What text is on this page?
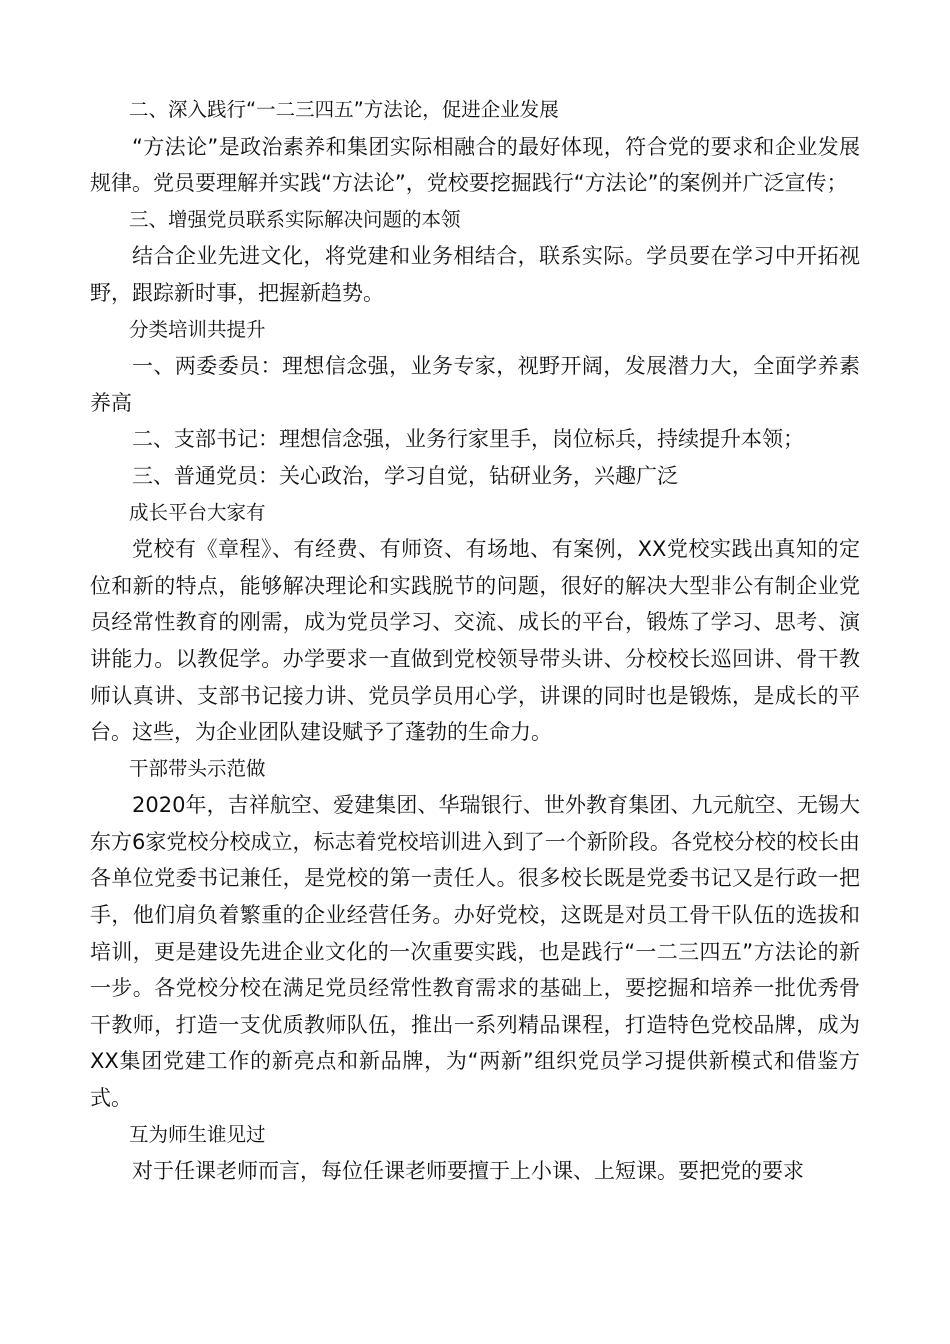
二、深入践行“一二三四五”方法论，促进企业发展

“方法论”是政治素养和集团实际相融合的最好体现，符合党的要求和企业发展规律。党员要理解并实践“方法论”，党校要挖掘践行“方法论”的案例并广泛宣传；

三、增强党员联系实际解决问题的本领

结合企业先进文化，将党建和业务相结合，联系实际。学员要在学习中开拓视野，跟踪新时事，把握新趋势。

分类培训共提升

一、两委委员：理想信念强，业务专家，视野开阔，发展潜力大，全面学养素养高

二、支部书记：理想信念强，业务行家里手，岗位标兵，持续提升本领；

三、普通党员：关心政治，学习自觉，钻研业务，兴趣广泛

成长平台大家有

党校有《章程》、有经费、有师资、有场地、有案例，XX党校实践出真知的定位和新的特点，能够解决理论和实践脱节的问题，很好的解决大型非公有制企业党员经常性教育的刚需，成为党员学习、交流、成长的平台，锻炼了学习、思考、演讲能力。以教促学。办学要求一直做到党校领导带头讲、分校校长巡回讲、骨干教师认真讲、支部书记接力讲、党员学员用心学，讲课的同时也是锻炼，是成长的平台。这些，为企业团队建设赋予了蓬勃的生命力。

干部带头示范做

2020年，吉祥航空、爱建集团、华瑞银行、世外教育集团、九元航空、无锡大东方6家党校分校成立，标志着党校培训进入到了一个新阶段。各党校分校的校长由各单位党委书记兼任，是党校的第一责任人。很多校长既是党委书记又是行政一把手，他们肩负着繁重的企业经营任务。办好党校，这既是对员工骨干队伍的选拔和培训，更是建设先进企业文化的一次重要实践，也是践行“一二三四五”方法论的新一步。各党校分校在满足党员经常性教育需求的基础上，要挖掘和培养一批优秀骨干教师，打造一支优质教师队伍，推出一系列精品课程，打造特色党校品牌，成为XX集团党建工作的新亮点和新品牌，为“两新”组织党员学习提供新模式和借鉴方式。

互为师生谁见过

对于任课老师而言，每位任课老师要擅于上小课、上短课。要把党的要求
